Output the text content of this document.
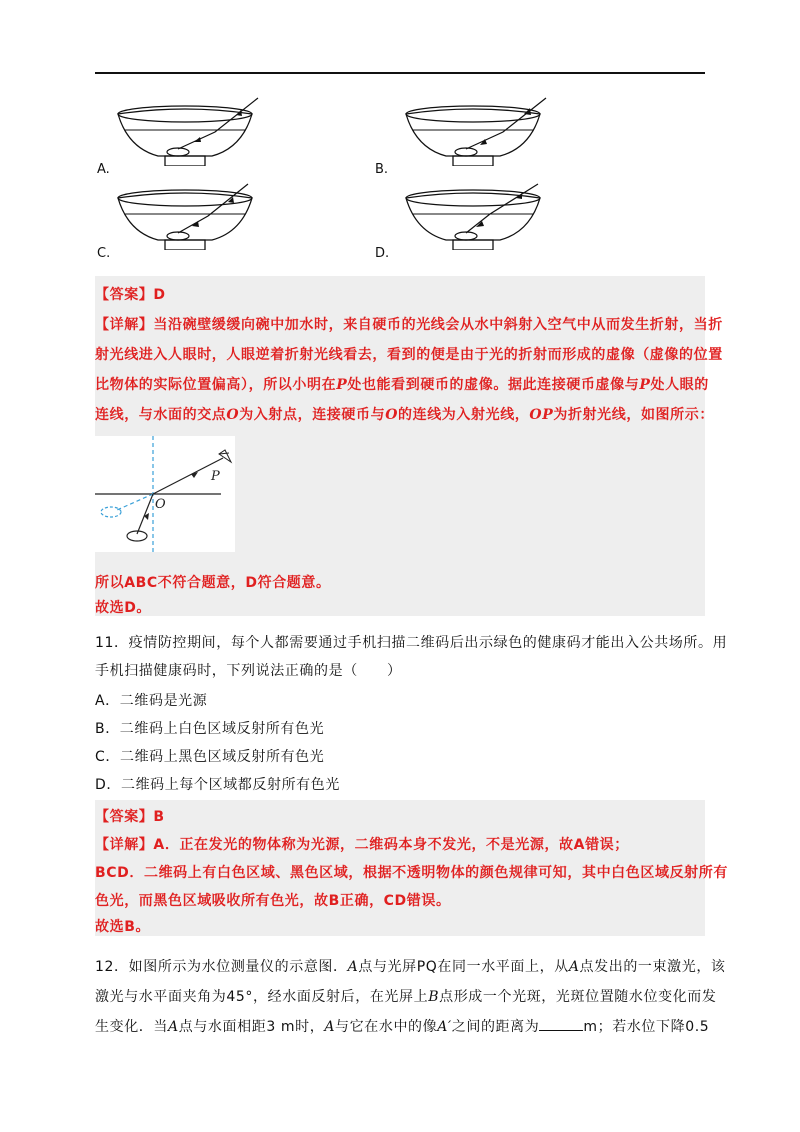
A.	B.
C.	D.
【答案】D
【详解】当沿碗壁缓缓向碗中加水时，来自硬币的光线会从水中斜射入空气中从而发生折射，当折
射光线进入人眼时，人眼逆着折射光线看去，看到的便是由于光的折射而形成的虚像（虚像的位置
比物体的实际位置偏高），所以小明在P处也能看到硬币的虚像。据此连接硬币虚像与P处人眼的
连线，与水面的交点O为入射点，连接硬币与O的连线为入射光线，OP为折射光线，如图所示：
P
O
所以ABC不符合题意，D符合题意。
故选D。
11．疫情防控期间，每个人都需要通过手机扫描二维码后出示绿色的健康码才能出入公共场所。用
手机扫描健康码时，下列说法正确的是（　　）
A．二维码是光源
B．二维码上白色区域反射所有色光
C．二维码上黑色区域反射所有色光
D．二维码上每个区域都反射所有色光
【答案】B
【详解】A．正在发光的物体称为光源，二维码本身不发光，不是光源，故A错误；
BCD．二维码上有白色区域、黑色区域，根据不透明物体的颜色规律可知，其中白色区域反射所有
色光，而黑色区域吸收所有色光，故B正确，CD错误。
故选B。
12．如图所示为水位测量仪的示意图．A点与光屏PQ在同一水平面上，从A点发出的一束激光，该
激光与水平面夹角为45°，经水面反射后，在光屏上B点形成一个光斑，光斑位置随水位变化而发
生变化．当A点与水面相距3 m时，A与它在水中的像A′之间的距离为	m；若水位下降0.5
